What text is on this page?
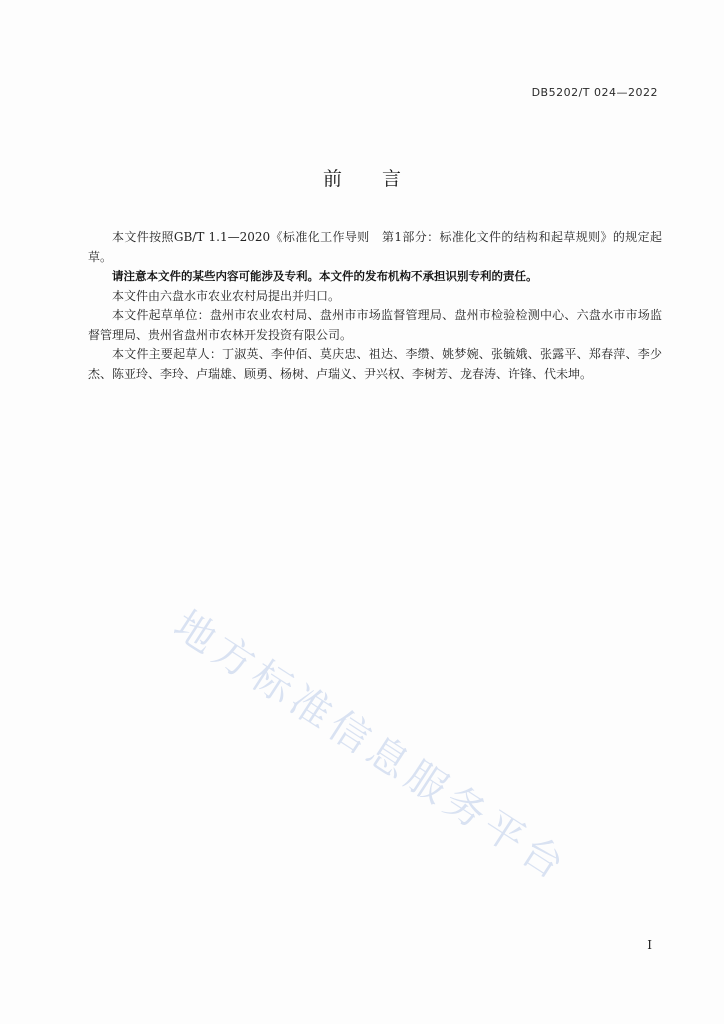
DB5202/T 024—2022
前言

本文件按照GB/T 1.1—2020《标准化工作导则　第1部分：标准化文件的结构和起草规则》的规定起草。

请注意本文件的某些内容可能涉及专利。本文件的发布机构不承担识别专利的责任。

本文件由六盘水市农业农村局提出并归口。

本文件起草单位：盘州市农业农村局、盘州市市场监督管理局、盘州市检验检测中心、六盘水市市场监督管理局、贵州省盘州市农林开发投资有限公司。

本文件主要起草人：丁淑英、李仲佰、莫庆忠、祖达、李缵、姚梦婉、张毓娥、张露平、郑春萍、李少杰、陈亚玲、李玲、卢瑞雄、顾勇、杨树、卢瑞义、尹兴权、李树芳、龙春涛、许锋、代未坤。

地方标准信息服务平台
I
